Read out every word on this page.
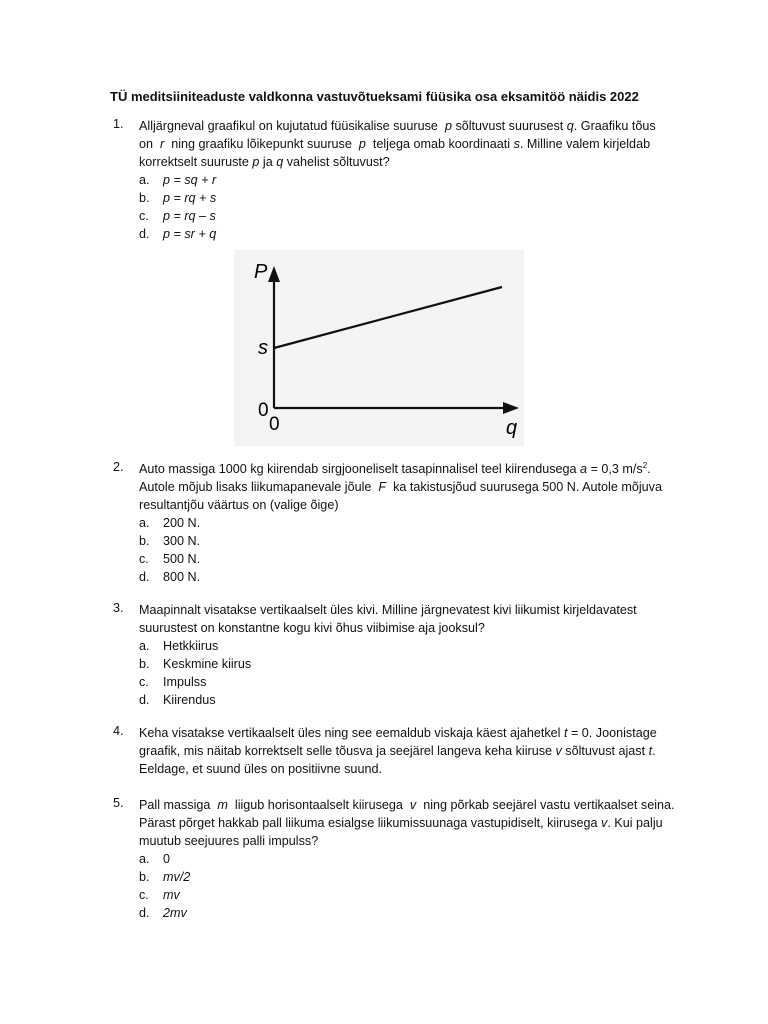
TÜ meditsiiniteaduste valdkonna vastuvõtueksami füüsika osa eksamitöö näidis 2022
1. Alljärgneval graafikul on kujutatud füüsikalise suuruse p sõltuvust suurusest q. Graafiku tõus on r ning graafiku lõikepunkt suuruse p teljega omab koordinaati s. Milline valem kirjeldab korrektselt suuruste p ja q vahelist sõltuvust?
a. p = sq + r
b. p = rq + s
c. p = rq – s
d. p = sr + q
P
s
0
0	q
2. Auto massiga 1000 kg kiirendab sirgjooneliselt tasapinnalisel teel kiirendusega a = 0,3 $m/s^2$. Autole mõjub lisaks liikumapanevale jõule F ka takistusjõud suurusega 500 N. Autole mõjuva resultantjõu väärtus on (valige õige)
a. 200 N.
b. 300 N.
c. 500 N.
d. 800 N.
3. Maapinnalt visatakse vertikaalselt üles kivi. Milline järgnevatest kivi liikumist kirjeldavatest suurustest on konstantne kogu kivi õhus viibimise aja jooksul?
a. Hetkkiirus
b. Keskmine kiirus
c. Impulss
d. Kiirendus
4. Keha visatakse vertikaalselt üles ning see eemaldub viskaja käest ajahetkel t = 0. Joonistage graafik, mis näitab korrektselt selle tõusva ja seejärel langeva keha kiiruse v sõltuvust ajast t. Eeldage, et suund üles on positiivne suund.
5. Pall massiga m liigub horisontaalselt kiirusega v ning põrkab seejärel vastu vertikaalset seina. Pärast põrget hakkab pall liikuma esialgse liikumissuunaga vastupidiselt, kiirusega v. Kui palju muutub seejuures palli impulss?
a. 0
b. mv/2
c. mv
d. 2mv
